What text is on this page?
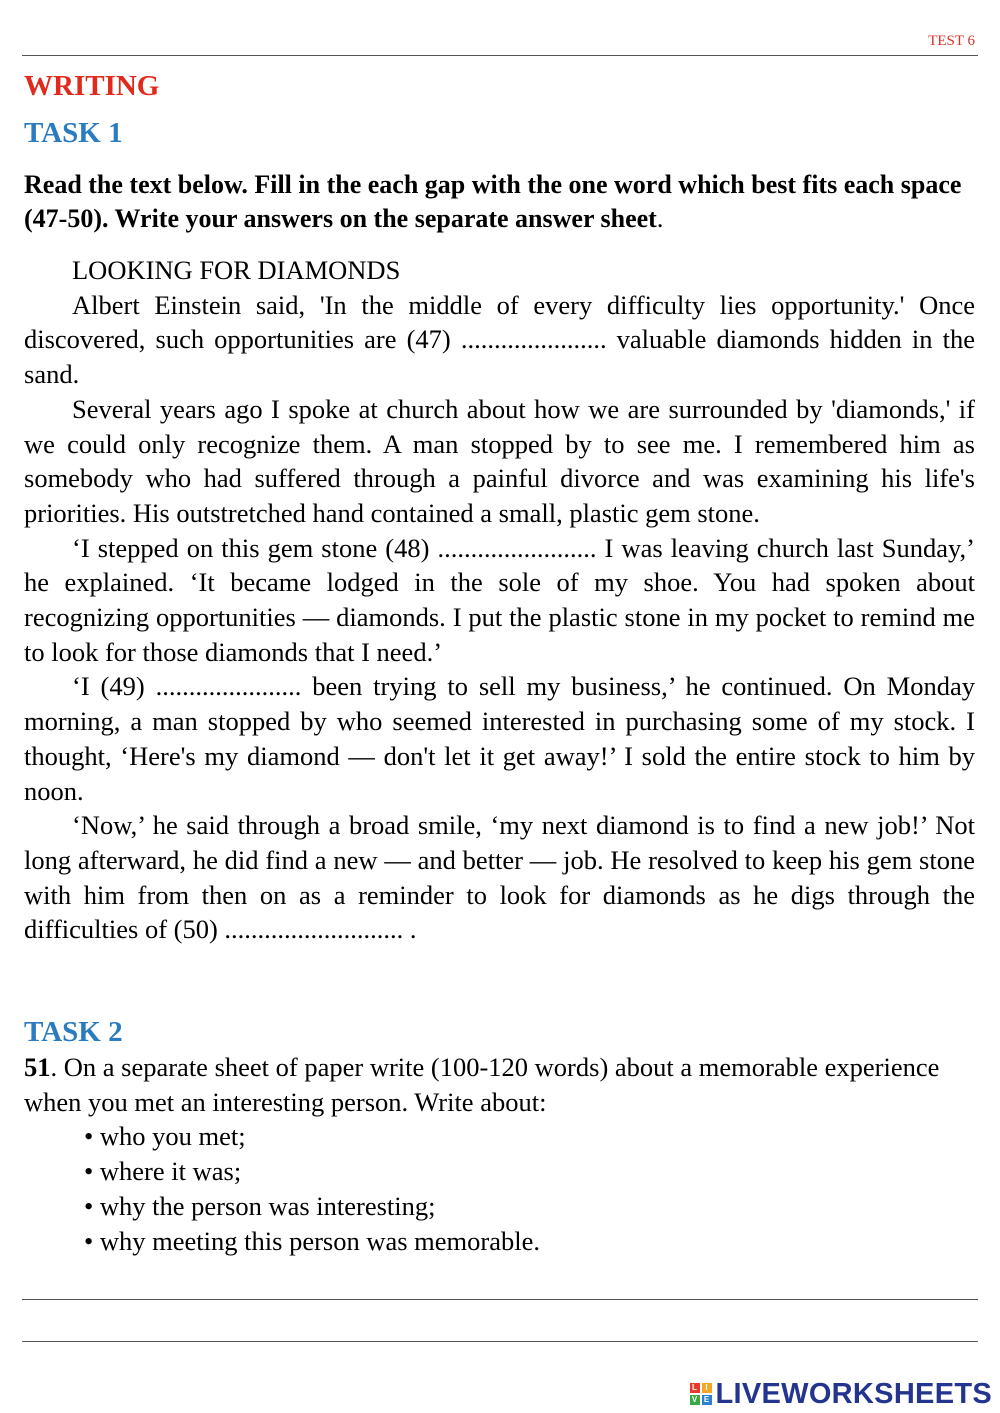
TEST 6
WRITING
TASK 1

Read the text below. Fill in the each gap with the one word which best fits each space (47-50). Write your answers on the separate answer sheet.

LOOKING FOR DIAMONDS

Albert Einstein said, 'In the middle of every difficulty lies opportunity.' Once discovered, such opportunities are (47) ...................... valuable diamonds hidden in the sand.

Several years ago I spoke at church about how we are surrounded by 'diamonds,' if we could only recognize them. A man stopped by to see me. I remembered him as somebody who had suffered through a painful divorce and was examining his life's priorities. His outstretched hand contained a small, plastic gem stone.

‘I stepped on this gem stone (48) ........................ I was leaving church last Sunday,’ he explained. ‘It became lodged in the sole of my shoe. You had spoken about recognizing opportunities — diamonds. I put the plastic stone in my pocket to remind me to look for those diamonds that I need.’

‘I (49) ...................... been trying to sell my business,’ he continued. On Monday morning, a man stopped by who seemed interested in purchasing some of my stock. I thought, ‘Here's my diamond — don't let it get away!’ I sold the entire stock to him by noon.

‘Now,’ he said through a broad smile, ‘my next diamond is to find a new job!’ Not long afterward, he did find a new — and better — job. He resolved to keep his gem stone with him from then on as a reminder to look for diamonds as he digs through the difficulties of (50) ........................... .

TASK 2

51. On a separate sheet of paper write (100-120 words) about a memorable experience when you met an interesting person. Write about:

• who you met;
• where it was;
• why the person was interesting;
• why meeting this person was memorable.
L	I
V E LIVEWORKSHEETS
